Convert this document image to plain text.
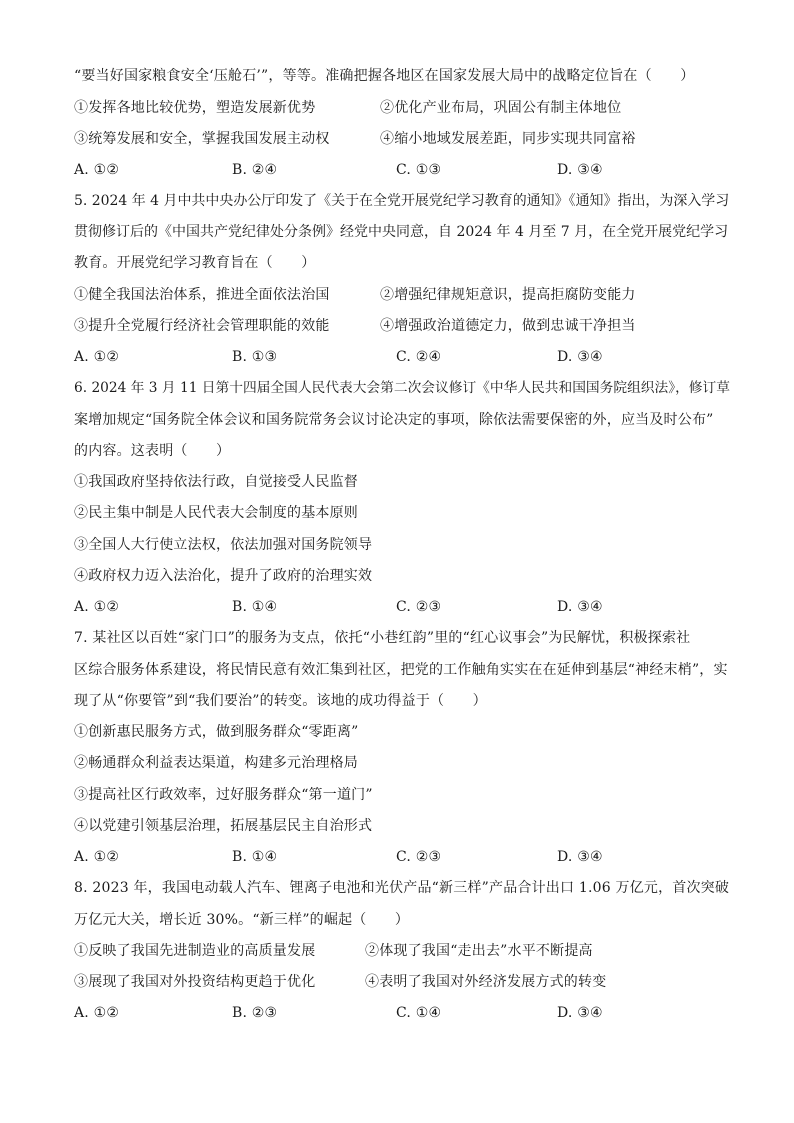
“要当好国家粮食安全‘压舱石’”，等等。准确把握各地区在国家发展大局中的战略定位旨在（　　）
①发挥各地比较优势，塑造发展新优势	②优化产业布局，巩固公有制主体地位
③统筹发展和安全，掌握我国发展主动权	④缩小地域发展差距，同步实现共同富裕
A. ①②	B. ②④	C. ①③	D. ③④
5. 2024 年 4 月中共中央办公厅印发了《关于在全党开展党纪学习教育的通知》《通知》指出，为深入学习
贯彻修订后的《中国共产党纪律处分条例》经党中央同意，自 2024 年 4 月至 7 月，在全党开展党纪学习
教育。开展党纪学习教育旨在（　　）
①健全我国法治体系，推进全面依法治国	②增强纪律规矩意识，提高拒腐防变能力
③提升全党履行经济社会管理职能的效能	④增强政治道德定力，做到忠诚干净担当
A. ①②	B. ①③	C. ②④	D. ③④
6. 2024 年 3 月 11 日第十四届全国人民代表大会第二次会议修订《中华人民共和国国务院组织法》，修订草
案增加规定“国务院全体会议和国务院常务会议讨论决定的事项，除依法需要保密的外，应当及时公布”
的内容。这表明（　　）
①我国政府坚持依法行政，自觉接受人民监督
②民主集中制是人民代表大会制度的基本原则
③全国人大行使立法权，依法加强对国务院领导
④政府权力迈入法治化，提升了政府的治理实效
A. ①②	B. ①④	C. ②③	D. ③④
7. 某社区以百姓“家门口”的服务为支点，依托“小巷红韵”里的“红心议事会”为民解忧，积极探索社
区综合服务体系建设，将民情民意有效汇集到社区，把党的工作触角实实在在延伸到基层“神经末梢”，实
现了从“你要管”到“我们要治”的转变。该地的成功得益于（　　）
①创新惠民服务方式，做到服务群众“零距离”
②畅通群众利益表达渠道，构建多元治理格局
③提高社区行政效率，过好服务群众“第一道门”
④以党建引领基层治理，拓展基层民主自治形式
A. ①②	B. ①④	C. ②③	D. ③④
8. 2023 年，我国电动载人汽车、锂离子电池和光伏产品“新三样”产品合计出口 1.06 万亿元，首次突破
万亿元大关，增长近 30%。“新三样”的崛起（　　）
①反映了我国先进制造业的高质量发展	②体现了我国“走出去”水平不断提高
③展现了我国对外投资结构更趋于优化	④表明了我国对外经济发展方式的转变
A. ①②	B. ②③	C. ①④	D. ③④
